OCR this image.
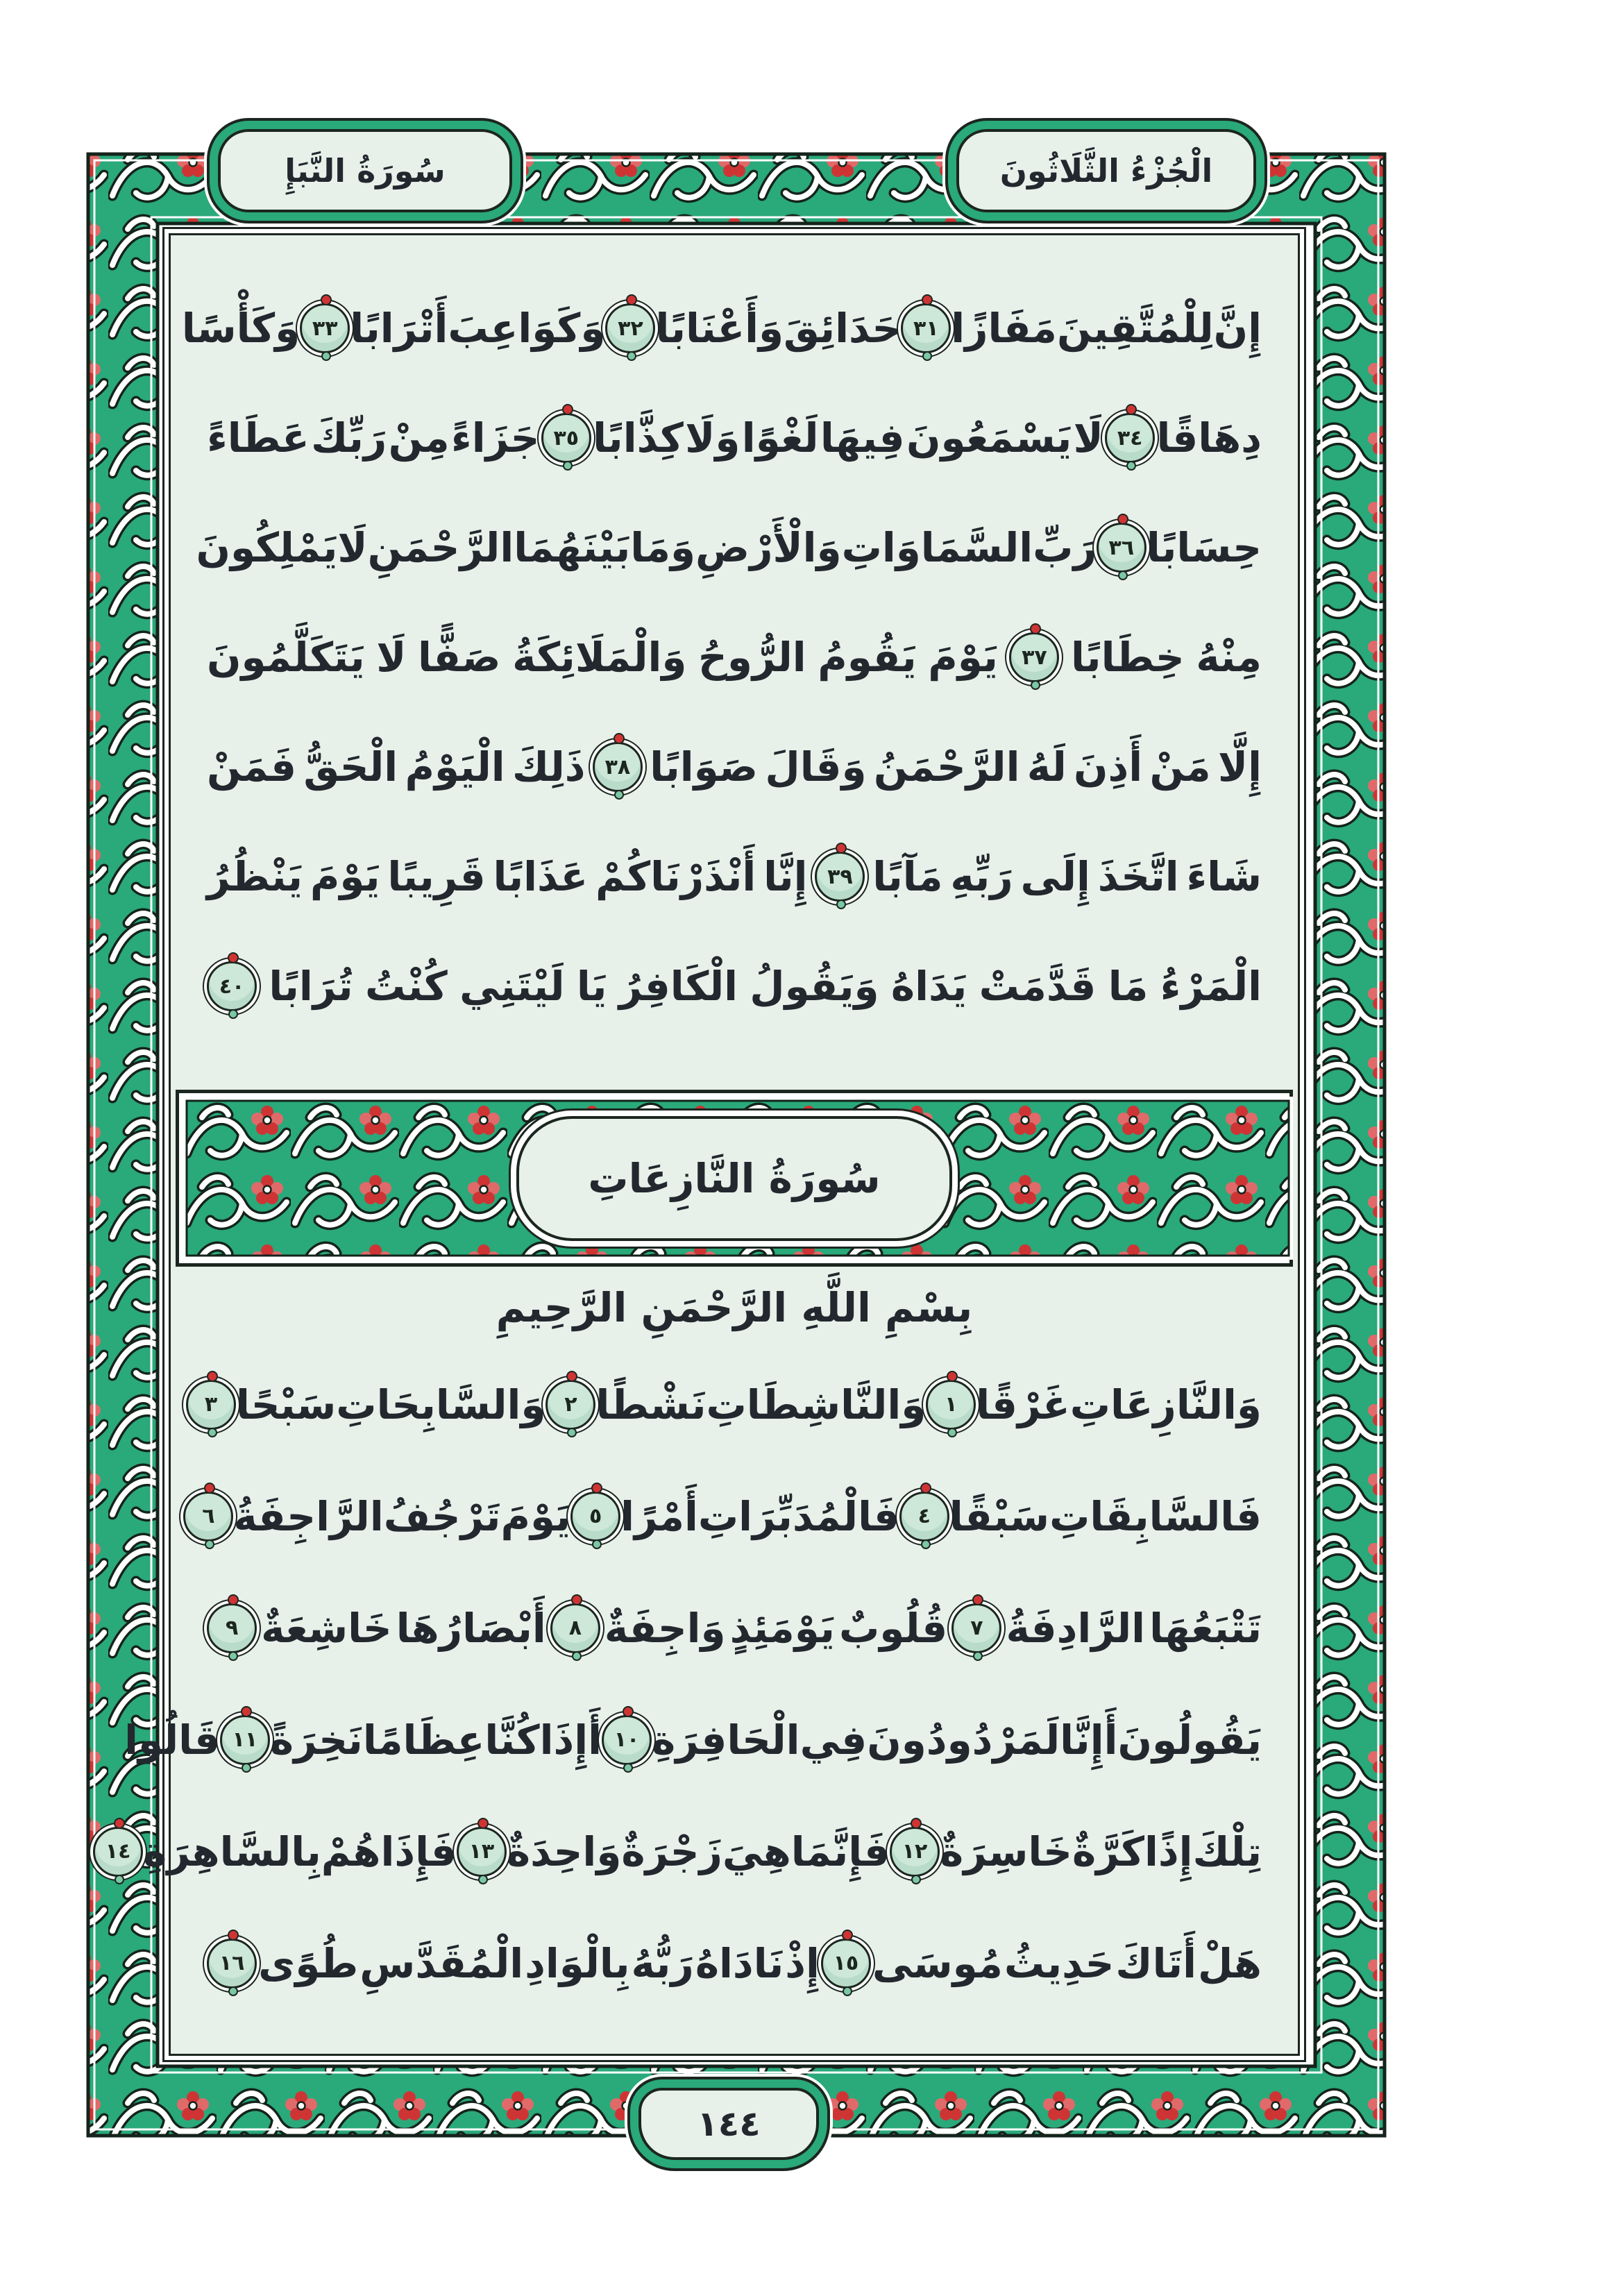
الْجُزْءُ الثَّلَاثُونَ
سُورَةُ النَّبَإِ
١٤٤
إِنَّ
لِلْمُتَّقِينَ
مَفَازًا
٣١
حَدَائِقَ
وَأَعْنَابًا
٣٢
وَكَوَاعِبَ
أَتْرَابًا
٣٣
وَكَأْسًا
دِهَاقًا
٣٤
لَا
يَسْمَعُونَ
فِيهَا
لَغْوًا
وَلَا
كِذَّابًا
٣٥
جَزَاءً
مِنْ
رَبِّكَ
عَطَاءً
حِسَابًا
٣٦
رَبِّ
السَّمَاوَاتِ
وَالْأَرْضِ
وَمَا
بَيْنَهُمَا
الرَّحْمَنِ
لَا
يَمْلِكُونَ
مِنْهُ
خِطَابًا
٣٧
يَوْمَ
يَقُومُ
الرُّوحُ
وَالْمَلَائِكَةُ
صَفًّا
لَا
يَتَكَلَّمُونَ
إِلَّا
مَنْ
أَذِنَ
لَهُ
الرَّحْمَنُ
وَقَالَ
صَوَابًا
٣٨
ذَلِكَ
الْيَوْمُ
الْحَقُّ
فَمَنْ
شَاءَ
اتَّخَذَ
إِلَى
رَبِّهِ
مَآبًا
٣٩
إِنَّا
أَنْذَرْنَاكُمْ
عَذَابًا
قَرِيبًا
يَوْمَ
يَنْظُرُ
الْمَرْءُ
مَا
قَدَّمَتْ
يَدَاهُ
وَيَقُولُ
الْكَافِرُ
يَا
لَيْتَنِي
كُنْتُ
تُرَابًا
٤٠
سُورَةُ النَّازِعَاتِ
بِسْمِ اللَّهِ الرَّحْمَنِ الرَّحِيمِ
وَالنَّازِعَاتِ
غَرْقًا
١
وَالنَّاشِطَاتِ
نَشْطًا
٢
وَالسَّابِحَاتِ
سَبْحًا
٣
فَالسَّابِقَاتِ
سَبْقًا
٤
فَالْمُدَبِّرَاتِ
أَمْرًا
٥
يَوْمَ
تَرْجُفُ
الرَّاجِفَةُ
٦
تَتْبَعُهَا
الرَّادِفَةُ
٧
قُلُوبٌ
يَوْمَئِذٍ
وَاجِفَةٌ
٨
أَبْصَارُهَا
خَاشِعَةٌ
٩
يَقُولُونَ
أَإِنَّا
لَمَرْدُودُونَ
فِي
الْحَافِرَةِ
١٠
أَإِذَا
كُنَّا
عِظَامًا
نَخِرَةً
١١
قَالُوا
تِلْكَ
إِذًا
كَرَّةٌ
خَاسِرَةٌ
١٢
فَإِنَّمَا
هِيَ
زَجْرَةٌ
وَاحِدَةٌ
١٣
فَإِذَا
هُمْ
بِالسَّاهِرَةِ
١٤
هَلْ
أَتَاكَ
حَدِيثُ
مُوسَى
١٥
إِذْ
نَادَاهُ
رَبُّهُ
بِالْوَادِ
الْمُقَدَّسِ
طُوًى
١٦
